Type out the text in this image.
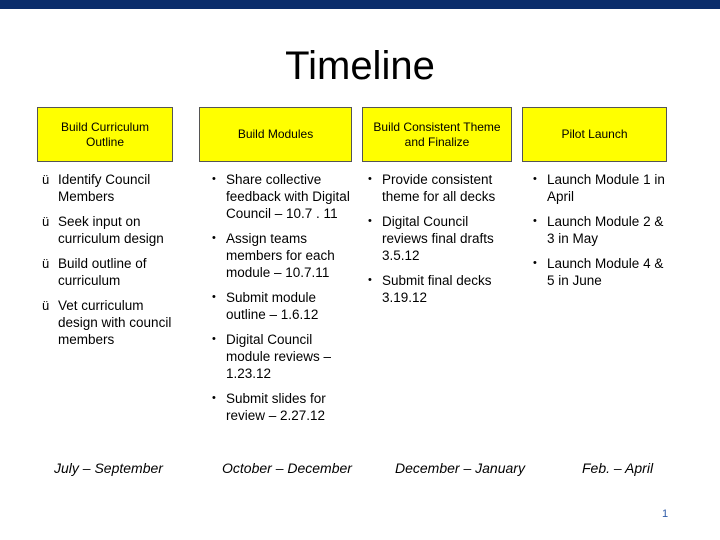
Timeline
Build Curriculum Outline
Build Modules
Build Consistent Theme and Finalize
Pilot Launch
ü Identify Council Members
ü Seek input on curriculum design
ü Build outline of curriculum
ü Vet curriculum design with council members
• Share collective feedback with Digital Council – 10.7 . 11
• Assign teams members for each module – 10.7.11
• Submit module outline – 1.6.12
• Digital Council module reviews – 1.23.12
• Submit slides for review – 2.27.12
• Provide consistent theme for all decks
• Digital Council reviews final drafts 3.5.12
• Submit final decks 3.19.12
• Launch Module 1 in April
• Launch Module 2 & 3 in May
• Launch Module 4 & 5 in June
July – September	October – December	December – January	Feb. – April
1
